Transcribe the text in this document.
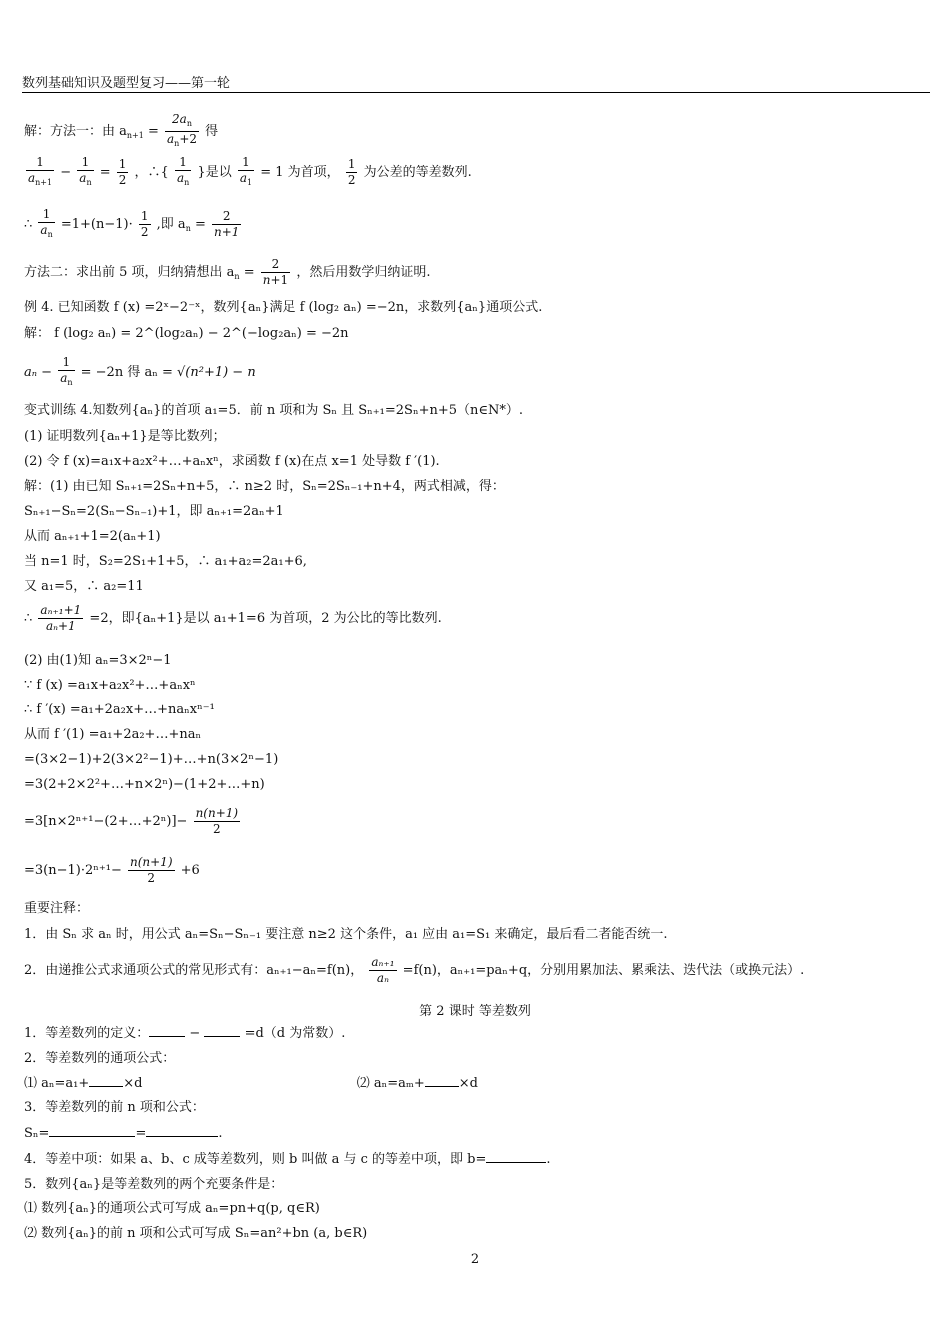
数列基础知识及题型复习——第一轮
解：方法一：由 $a_{n+1} = \frac{2a_n}{a_n+2}$ 得
$\frac{1}{a_{n+1}} - \frac{1}{a_n} = \frac{1}{2}$ ，∴{ $\frac{1}{a_n}$ }是以 $\frac{1}{a_1} = 1$ 为首项， $\frac{1}{2}$ 为公差的等差数列.
∴ $\frac{1}{a_n} =1+(n-1)\cdot \frac{1}{2}$ ,即 $a_n = \frac{2}{n+1}$
方法二：求出前 5 项，归纳猜想出 $a_n = \frac{2}{n+1}$ ，然后用数学归纳证明.
例 4. 已知函数 f (x) =2ˣ−2⁻ˣ，数列{aₙ}满足 f (log₂ aₙ) =−2n，求数列{aₙ}通项公式.
解： f (log₂ aₙ) = 2^(log₂aₙ) − 2^(−log₂aₙ) = −2n
$a_n - \frac{1}{a_n} = -2n$ 得 aₙ = √(n²+1) − n
变式训练 4.知数列{aₙ}的首项 a₁=5．前 n 项和为 Sₙ 且 Sₙ₊₁=2Sₙ+n+5（n∈N*）.
(1) 证明数列{aₙ+1}是等比数列；
(2) 令 f (x)=a₁x+a₂x²+…+aₙxⁿ，求函数 f (x)在点 x=1 处导数 f ′(1).
解：(1) 由已知 Sₙ₊₁=2Sₙ+n+5，∴ n≥2 时，Sₙ=2Sₙ₋₁+n+4，两式相减，得：
Sₙ₊₁−Sₙ=2(Sₙ−Sₙ₋₁)+1，即 aₙ₊₁=2aₙ+1
从而 aₙ₊₁+1=2(aₙ+1)
当 n=1 时，S₂=2S₁+1+5，∴ a₁+a₂=2a₁+6,
又 a₁=5，∴ a₂=11
∴ $\frac{\text{aₙ₊₁+1}}{\text{aₙ+1}} =2$，即{aₙ+1}是以 a₁+1=6 为首项，2 为公比的等比数列.
(2) 由(1)知 aₙ=3×2ⁿ−1
∵ f (x) =a₁x+a₂x²+…+aₙxⁿ
∴ f ′(x) =a₁+2a₂x+…+naₙxⁿ⁻¹
从而 f ′(1) =a₁+2a₂+…+naₙ
=(3×2−1)+2(3×2²−1)+…+n(3×2ⁿ−1)
=3(2+2×2²+…+n×2ⁿ)−(1+2+…+n)
=3[n×2ⁿ⁺¹−(2+…+2ⁿ)]− $\frac{n(n+1)}{2}$
$=3(n-1)\cdot 2^{n+1}- \frac{n(n+1)}{2} +6$
重要注释：
1．由 Sₙ 求 aₙ 时，用公式 aₙ=Sₙ−Sₙ₋₁ 要注意 n≥2 这个条件，a₁ 应由 a₁=S₁ 来确定，最后看二者能否统一.
2．由递推公式求通项公式的常见形式有：aₙ₊₁−aₙ=f(n)， $\frac{\text{aₙ₊₁}}{\text{aₙ}} =f(n)$，aₙ₊₁=paₙ+q，分别用累加法、累乘法、迭代法（或换元法）.
第 2 课时 等差数列
1．等差数列的定义：	−	=d（d 为常数）.
2．等差数列的通项公式：
⑴ aₙ=a₁+	×d	⑵ aₙ=aₘ+	×d
3．等差数列的前 n 项和公式：
Sₙ=	=	.
4．等差中项：如果 a、b、c 成等差数列，则 b 叫做 a 与 c 的等差中项，即 b=	.
5．数列{aₙ}是等差数列的两个充要条件是：
⑴ 数列{aₙ}的通项公式可写成 aₙ=pn+q(p, q∈R)
⑵ 数列{aₙ}的前 n 项和公式可写成 Sₙ=an²+bn (a, b∈R)
2
